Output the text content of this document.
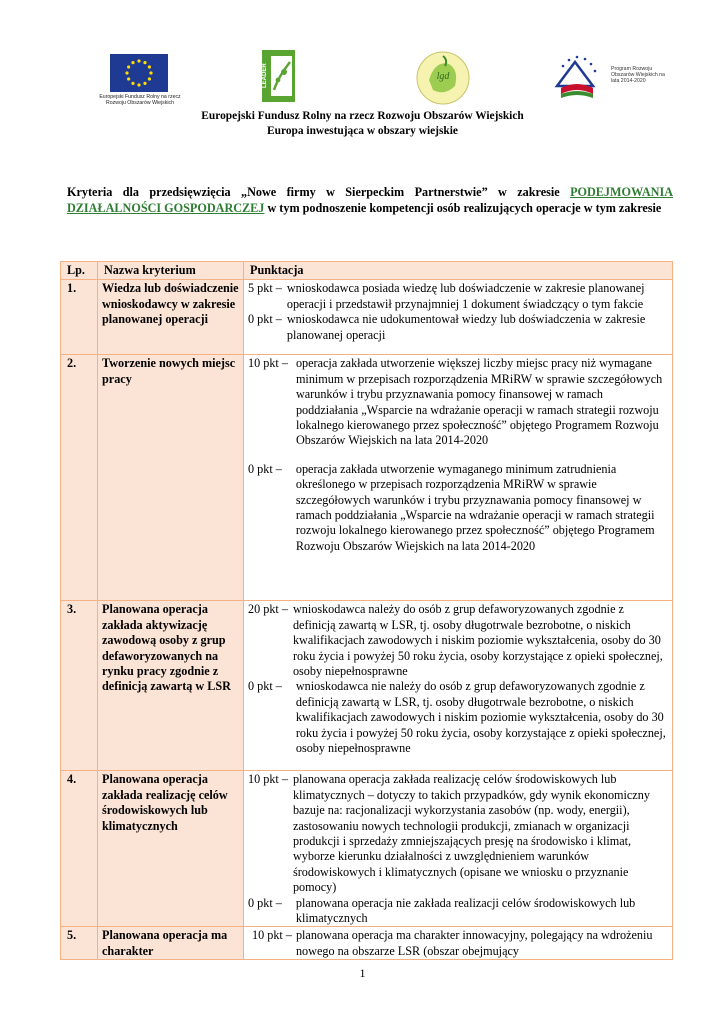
Europejski Fundusz Rolny na rzecz Rozwoju Obszarów Wiejskich
LEADER	lgd
Program Rozwoju Obszarów Wiejskich na lata 2014-2020
Europejski Fundusz Rolny na rzecz Rozwoju Obszarów Wiejskich
Europa inwestująca w obszary wiejskie
Kryteria dla przedsięwzięcia „Nowe firmy w Sierpeckim Partnerstwie” w zakresie PODEJMOWANIA DZIAŁALNOŚCI GOSPODARCZEJ w tym podnoszenie kompetencji osób realizujących operacje w tym zakresie
Lp.	Nazwa kryterium	Punktacja
1.	Wiedza lub doświadczenie wnioskodawcy w zakresie planowanej operacji	5 pkt – wnioskodawca posiada wiedzę lub doświadczenie w zakresie planowanej operacji i przedstawił przynajmniej 1 dokument świadczący o tym fakcie
0 pkt – wnioskodawca nie udokumentował wiedzy lub doświadczenia w zakresie planowanej operacji

2.	Tworzenie nowych miejsc pracy	10 pkt – operacja zakłada utworzenie większej liczby miejsc pracy niż wymagane minimum w przepisach rozporządzenia MRiRW w sprawie szczegółowych warunków i trybu przyznawania pomocy finansowej w ramach poddziałania „Wsparcie na wdrażanie operacji w ramach strategii rozwoju lokalnego kierowanego przez społeczność” objętego Programem Rozwoju Obszarów Wiejskich na lata 2014-2020
0 pkt – operacja zakłada utworzenie wymaganego minimum zatrudnienia określonego w przepisach rozporządzenia MRiRW w sprawie szczegółowych warunków i trybu przyznawania pomocy finansowej w ramach poddziałania „Wsparcie na wdrażanie operacji w ramach strategii rozwoju lokalnego kierowanego przez społeczność” objętego Programem Rozwoju Obszarów Wiejskich na lata 2014-2020

3.	Planowana operacja zakłada aktywizację zawodową osoby z grup defaworyzowanych na rynku pracy zgodnie z definicją zawartą w LSR	20 pkt – wnioskodawca należy do osób z grup defaworyzowanych zgodnie z definicją zawartą w LSR, tj. osoby długotrwale bezrobotne, o niskich kwalifikacjach zawodowych i niskim poziomie wykształcenia, osoby do 30 roku życia i powyżej 50 roku życia, osoby korzystające z opieki społecznej, osoby niepełnosprawne
0 pkt – wnioskodawca nie należy do osób z grup defaworyzowanych zgodnie z definicją zawartą w LSR, tj. osoby długotrwale bezrobotne, o niskich kwalifikacjach zawodowych i niskim poziomie wykształcenia, osoby do 30 roku życia i powyżej 50 roku życia, osoby korzystające z opieki społecznej, osoby niepełnosprawne

4.	Planowana operacja zakłada realizację celów środowiskowych lub klimatycznych	10 pkt – planowana operacja zakłada realizację celów środowiskowych lub klimatycznych – dotyczy to takich przypadków, gdy wynik ekonomiczny bazuje na: racjonalizacji wykorzystania zasobów (np. wody, energii), zastosowaniu nowych technologii produkcji, zmianach w organizacji produkcji i sprzedaży zmniejszających presję na środowisko i klimat, wyborze kierunku działalności z uwzględnieniem warunków środowiskowych i klimatycznych (opisane we wniosku o przyznanie pomocy)
0 pkt – planowana operacja nie zakłada realizacji celów środowiskowych lub klimatycznych

5.	Planowana operacja ma charakter	10 pkt – planowana operacja ma charakter innowacyjny, polegający na wdrożeniu nowego na obszarze LSR (obszar obejmujący
1
